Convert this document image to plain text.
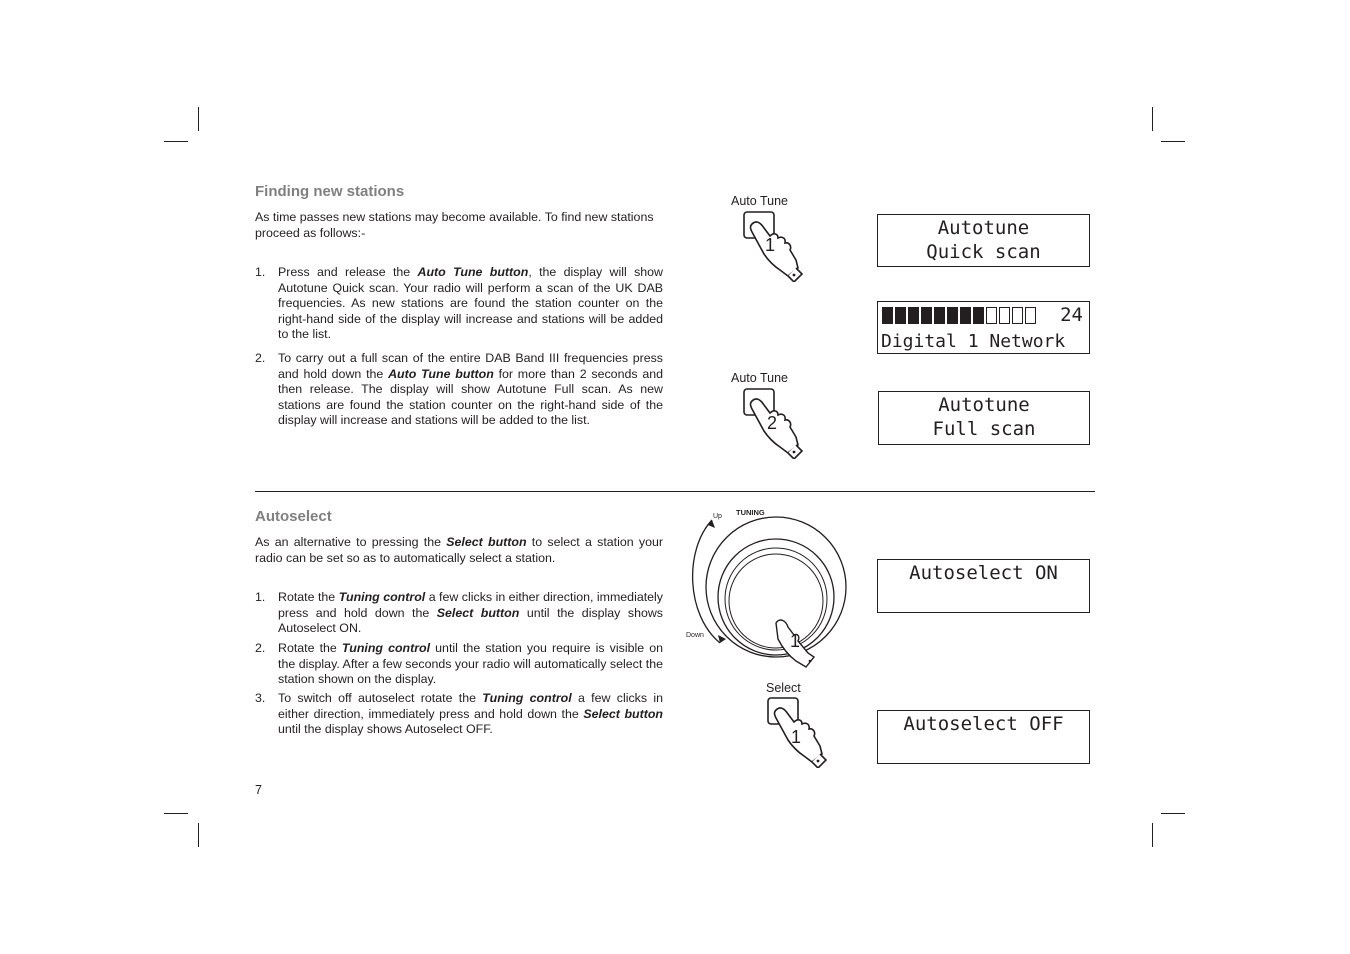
Finding new stations
As time passes new stations may become available. To find new stations
proceed as follows:-
1. Press and release the Auto Tune button, the display will show Autotune Quick scan. Your radio will perform a scan of the UK DAB frequencies. As new stations are found the station counter on the right-hand side of the display will increase and stations will be added to the list.
2. To carry out a full scan of the entire DAB Band III frequencies press and hold down the Auto Tune button for more than 2 seconds and then release. The display will show Autotune Full scan. As new stations are found the station counter on the right-hand side of the display will increase and stations will be added to the list.
Autoselect
As an alternative to pressing the Select button to select a station your radio can be set so as to automatically select a station.
1. Rotate the Tuning control a few clicks in either direction, immediately press and hold down the Select button until the display shows Autoselect ON.
2. Rotate the Tuning control until the station you require is visible on the display. After a few seconds your radio will automatically select the station shown on the display.
3. To switch off autoselect rotate the Tuning control a few clicks in either direction, immediately press and hold down the Select button until the display shows Autoselect OFF.
7
Auto Tune
1
Auto Tune
2
TUNING
Up
Down	1
Select
1

Autotune

Quick scan

24

Digital 1 Network

Autotune

Full scan

Autoselect ON

Autoselect OFF
